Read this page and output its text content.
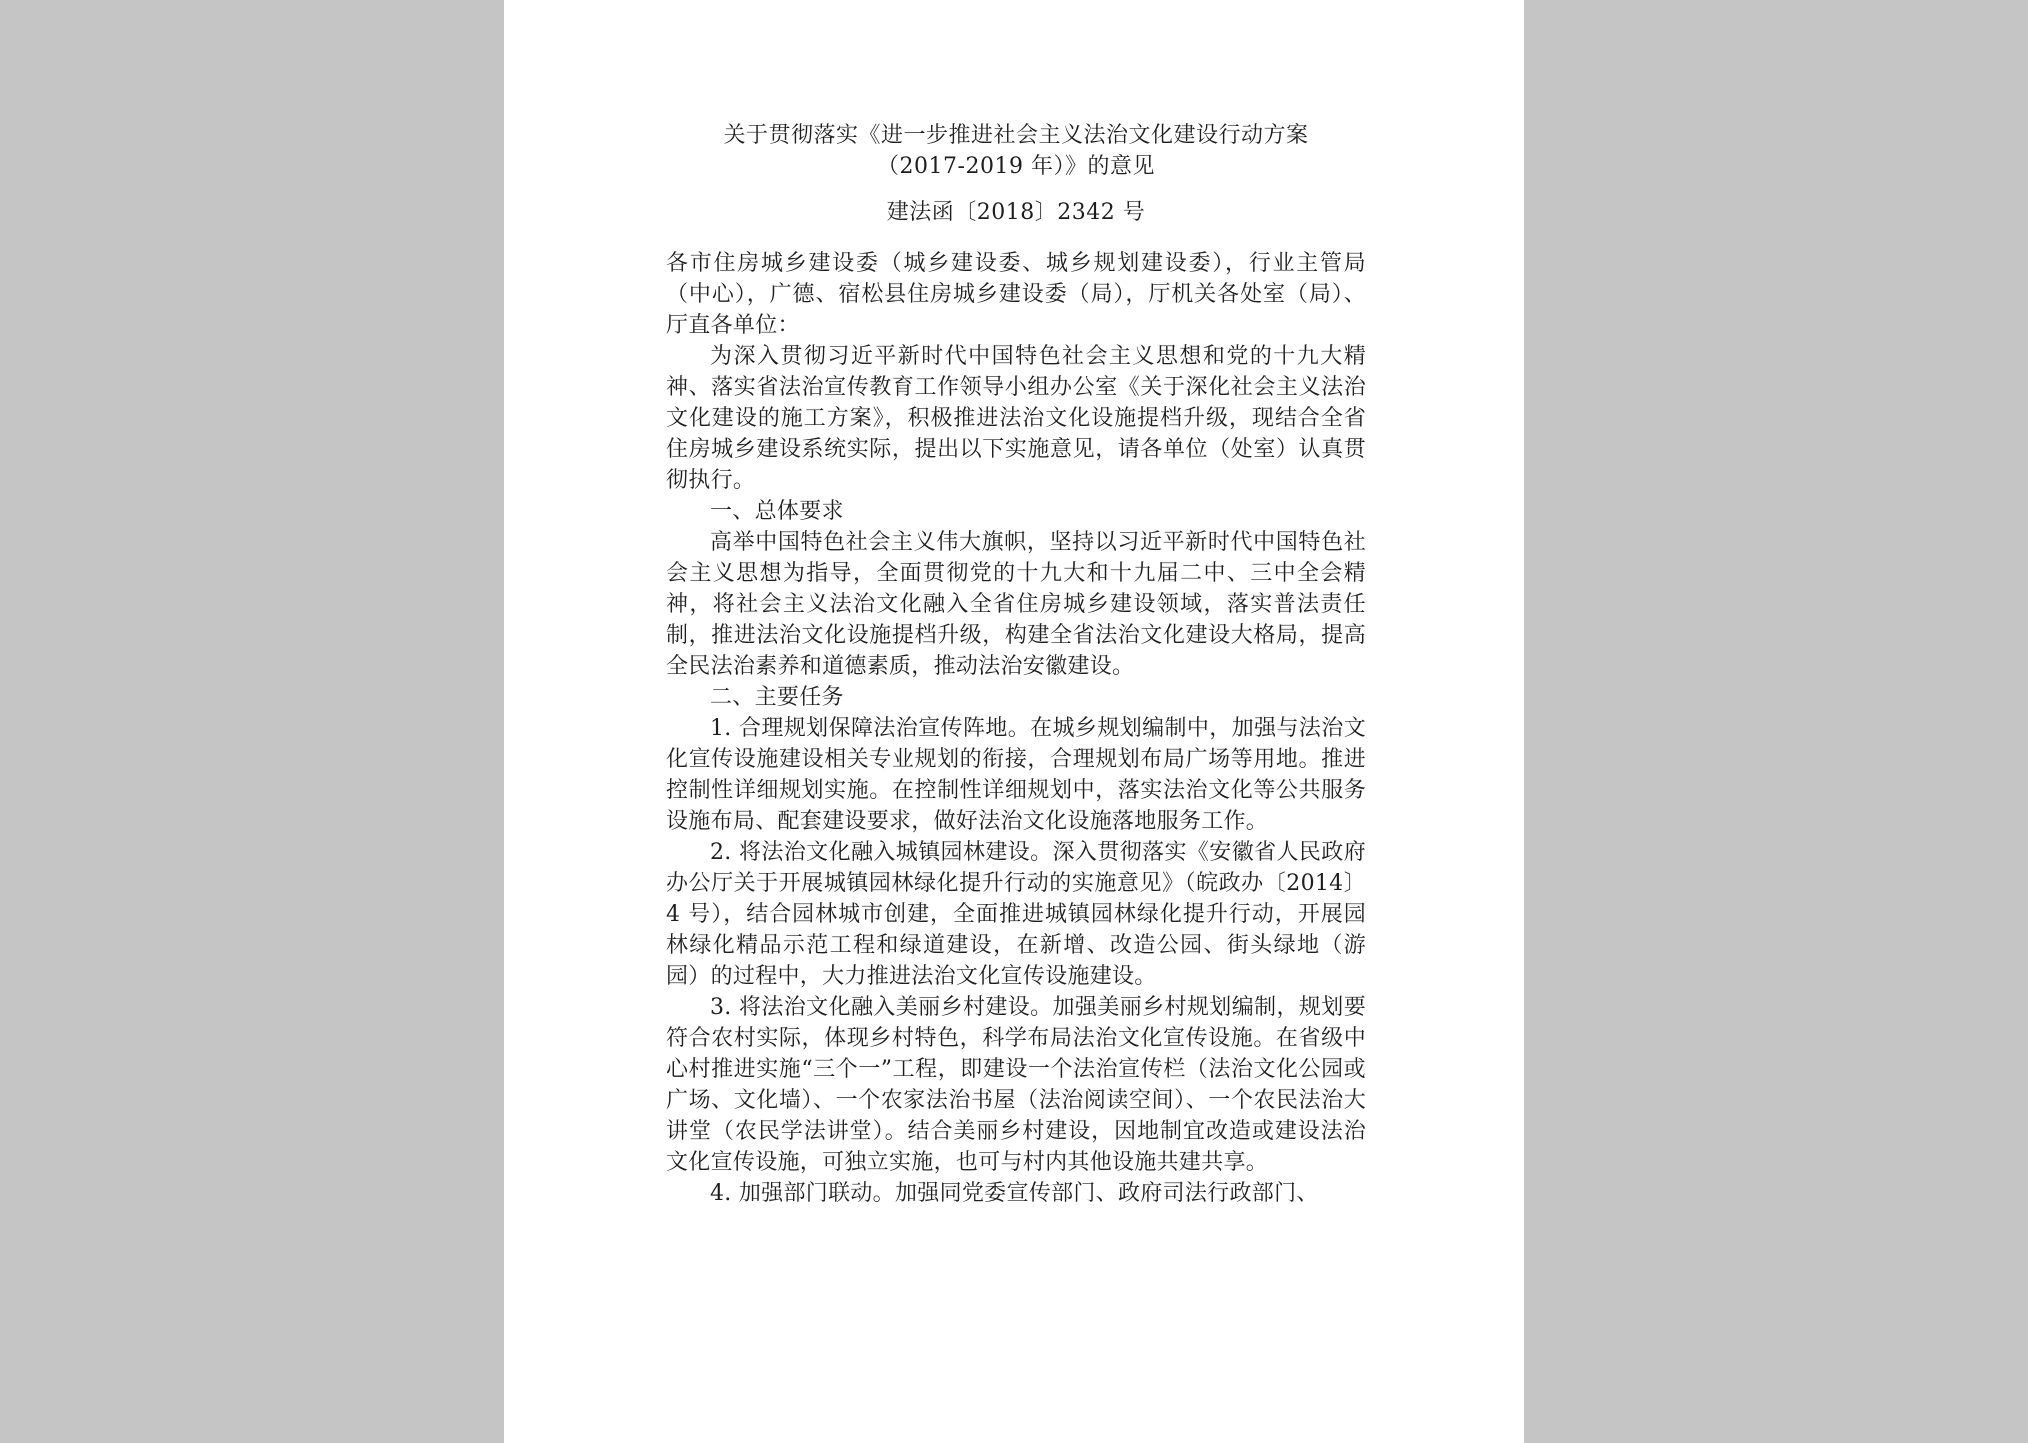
关于贯彻落实《进一步推进社会主义法治文化建设行动方案

（2017-2019 年）》的意见

建法函〔2018〕2342 号

各市住房城乡建设委（城乡建设委、城乡规划建设委），行业主管局（中心），广德、宿松县住房城乡建设委（局），厅机关各处室（局）、厅直各单位：

为深入贯彻习近平新时代中国特色社会主义思想和党的十九大精神、落实省法治宣传教育工作领导小组办公室《关于深化社会主义法治文化建设的施工方案》，积极推进法治文化设施提档升级，现结合全省住房城乡建设系统实际，提出以下实施意见，请各单位（处室）认真贯彻执行。

一、总体要求

高举中国特色社会主义伟大旗帜，坚持以习近平新时代中国特色社会主义思想为指导，全面贯彻党的十九大和十九届二中、三中全会精神，将社会主义法治文化融入全省住房城乡建设领域，落实普法责任制，推进法治文化设施提档升级，构建全省法治文化建设大格局，提高全民法治素养和道德素质，推动法治安徽建设。

二、主要任务

1. 合理规划保障法治宣传阵地。在城乡规划编制中，加强与法治文化宣传设施建设相关专业规划的衔接，合理规划布局广场等用地。推进控制性详细规划实施。在控制性详细规划中，落实法治文化等公共服务设施布局、配套建设要求，做好法治文化设施落地服务工作。

2. 将法治文化融入城镇园林建设。深入贯彻落实《安徽省人民政府办公厅关于开展城镇园林绿化提升行动的实施意见》（皖政办〔2014〕4 号），结合园林城市创建，全面推进城镇园林绿化提升行动，开展园林绿化精品示范工程和绿道建设，在新增、改造公园、街头绿地（游园）的过程中，大力推进法治文化宣传设施建设。

3. 将法治文化融入美丽乡村建设。加强美丽乡村规划编制，规划要符合农村实际，体现乡村特色，科学布局法治文化宣传设施。在省级中心村推进实施“三个一”工程，即建设一个法治宣传栏（法治文化公园或广场、文化墙）、一个农家法治书屋（法治阅读空间）、一个农民法治大讲堂（农民学法讲堂）。结合美丽乡村建设，因地制宜改造或建设法治文化宣传设施，可独立实施，也可与村内其他设施共建共享。

4. 加强部门联动。加强同党委宣传部门、政府司法行政部门、
